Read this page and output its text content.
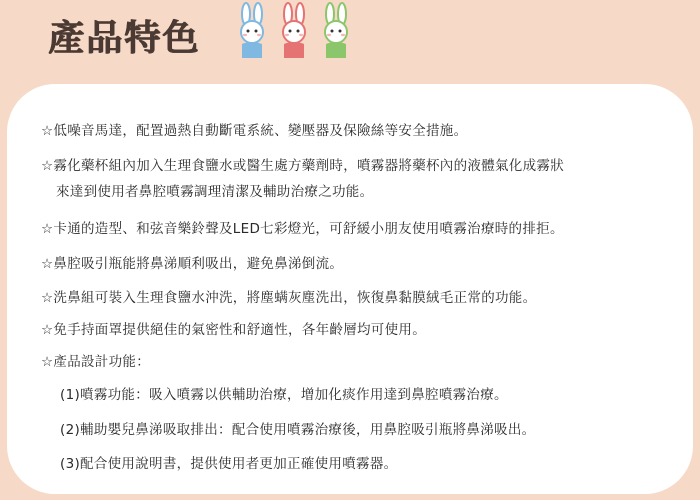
產品特色
☆低噪音馬達，配置過熱自動斷電系統、變壓器及保險絲等安全措施。
☆霧化藥杯組內加入生理食鹽水或醫生處方藥劑時，噴霧器將藥杯內的液體氣化成霧狀
來達到使用者鼻腔噴霧調理清潔及輔助治療之功能。
☆卡通的造型、和弦音樂鈴聲及LED七彩燈光，可舒緩小朋友使用噴霧治療時的排拒。
☆鼻腔吸引瓶能將鼻涕順利吸出，避免鼻涕倒流。
☆洗鼻組可裝入生理食鹽水沖洗，將塵螨灰塵洗出，恢復鼻黏膜絨毛正常的功能。
☆免手持面罩提供絕佳的氣密性和舒適性，各年齡層均可使用。
☆產品設計功能：
(1)噴霧功能：吸入噴霧以供輔助治療，增加化痰作用達到鼻腔噴霧治療。
(2)輔助嬰兒鼻涕吸取排出：配合使用噴霧治療後，用鼻腔吸引瓶將鼻涕吸出。
(3)配合使用說明書，提供使用者更加正確使用噴霧器。
